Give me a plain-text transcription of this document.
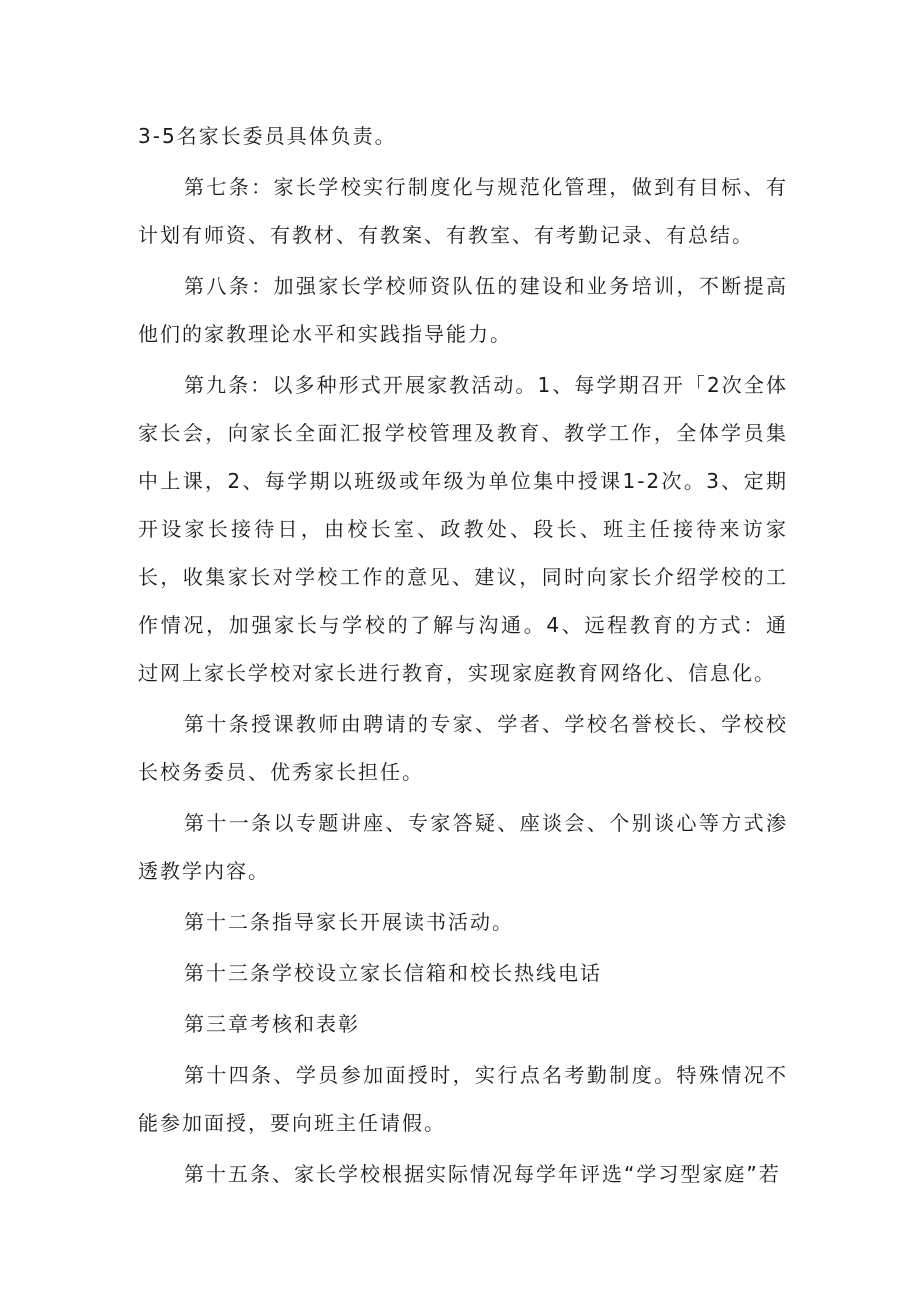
3-5名家长委员具体负责。

第七条：家长学校实行制度化与规范化管理，做到有目标、有计划有师资、有教材、有教案、有教室、有考勤记录、有总结。

第八条：加强家长学校师资队伍的建设和业务培训，不断提高他们的家教理论水平和实践指导能力。

第九条：以多种形式开展家教活动。1、每学期召开「2次全体家长会，向家长全面汇报学校管理及教育、教学工作，全体学员集中上课，2、每学期以班级或年级为单位集中授课1-2次。3、定期开设家长接待日，由校长室、政教处、段长、班主任接待来访家长，收集家长对学校工作的意见、建议，同时向家长介绍学校的工作情况，加强家长与学校的了解与沟通。4、远程教育的方式：通过网上家长学校对家长进行教育，实现家庭教育网络化、信息化。

第十条授课教师由聘请的专家、学者、学校名誉校长、学校校长校务委员、优秀家长担任。

第十一条以专题讲座、专家答疑、座谈会、个别谈心等方式渗透教学内容。

第十二条指导家长开展读书活动。

第十三条学校设立家长信箱和校长热线电话

第三章考核和表彰

第十四条、学员参加面授时，实行点名考勤制度。特殊情况不能参加面授，要向班主任请假。

第十五条、家长学校根据实际情况每学年评选“学习型家庭”若
